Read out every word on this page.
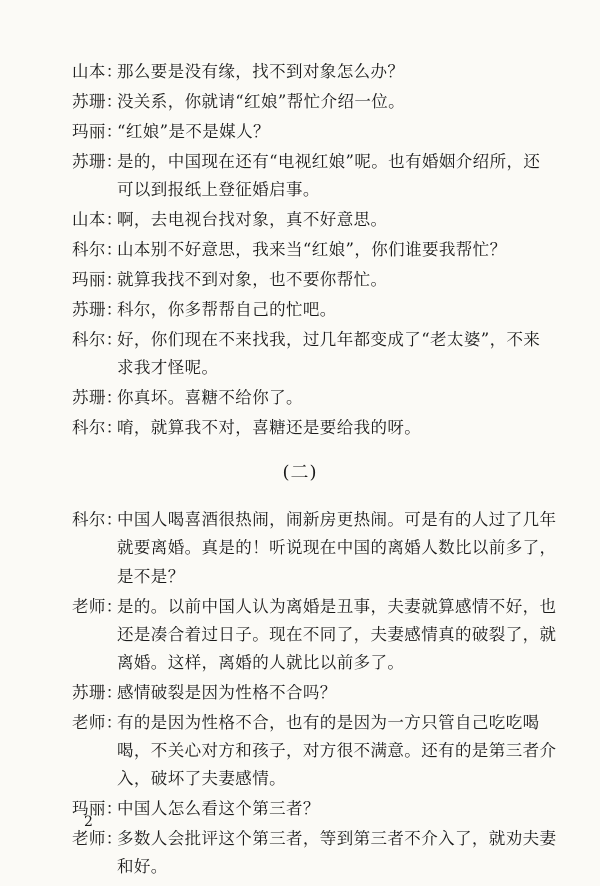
山本：那么要是没有缘，找不到对象怎么办？
苏珊：没关系，你就请“红娘”帮忙介绍一位。
玛丽：“红娘”是不是媒人？
苏珊：是的，中国现在还有“电视红娘”呢。也有婚姻介绍所，还
可以到报纸上登征婚启事。
山本：啊，去电视台找对象，真不好意思。
科尔：山本别不好意思，我来当“红娘”，你们谁要我帮忙？
玛丽：就算我找不到对象，也不要你帮忙。
苏珊：科尔，你多帮帮自己的忙吧。
科尔：好，你们现在不来找我，过几年都变成了“老太婆”，不来
求我才怪呢。
苏珊：你真坏。喜糖不给你了。
科尔：唷，就算我不对，喜糖还是要给我的呀。
(二)
科尔：中国人喝喜酒很热闹，闹新房更热闹。可是有的人过了几年
就要离婚。真是的！听说现在中国的离婚人数比以前多了，
是不是？
老师：是的。以前中国人认为离婚是丑事，夫妻就算感情不好，也
还是凑合着过日子。现在不同了，夫妻感情真的破裂了，就
离婚。这样，离婚的人就比以前多了。
苏珊：感情破裂是因为性格不合吗？
老师：有的是因为性格不合，也有的是因为一方只管自己吃吃喝
喝，不关心对方和孩子，对方很不满意。还有的是第三者介
入，破坏了夫妻感情。
玛丽：中国人怎么看这个第三者？
老师：多数人会批评这个第三者，等到第三者不介入了，就劝夫妻
和好。
2
